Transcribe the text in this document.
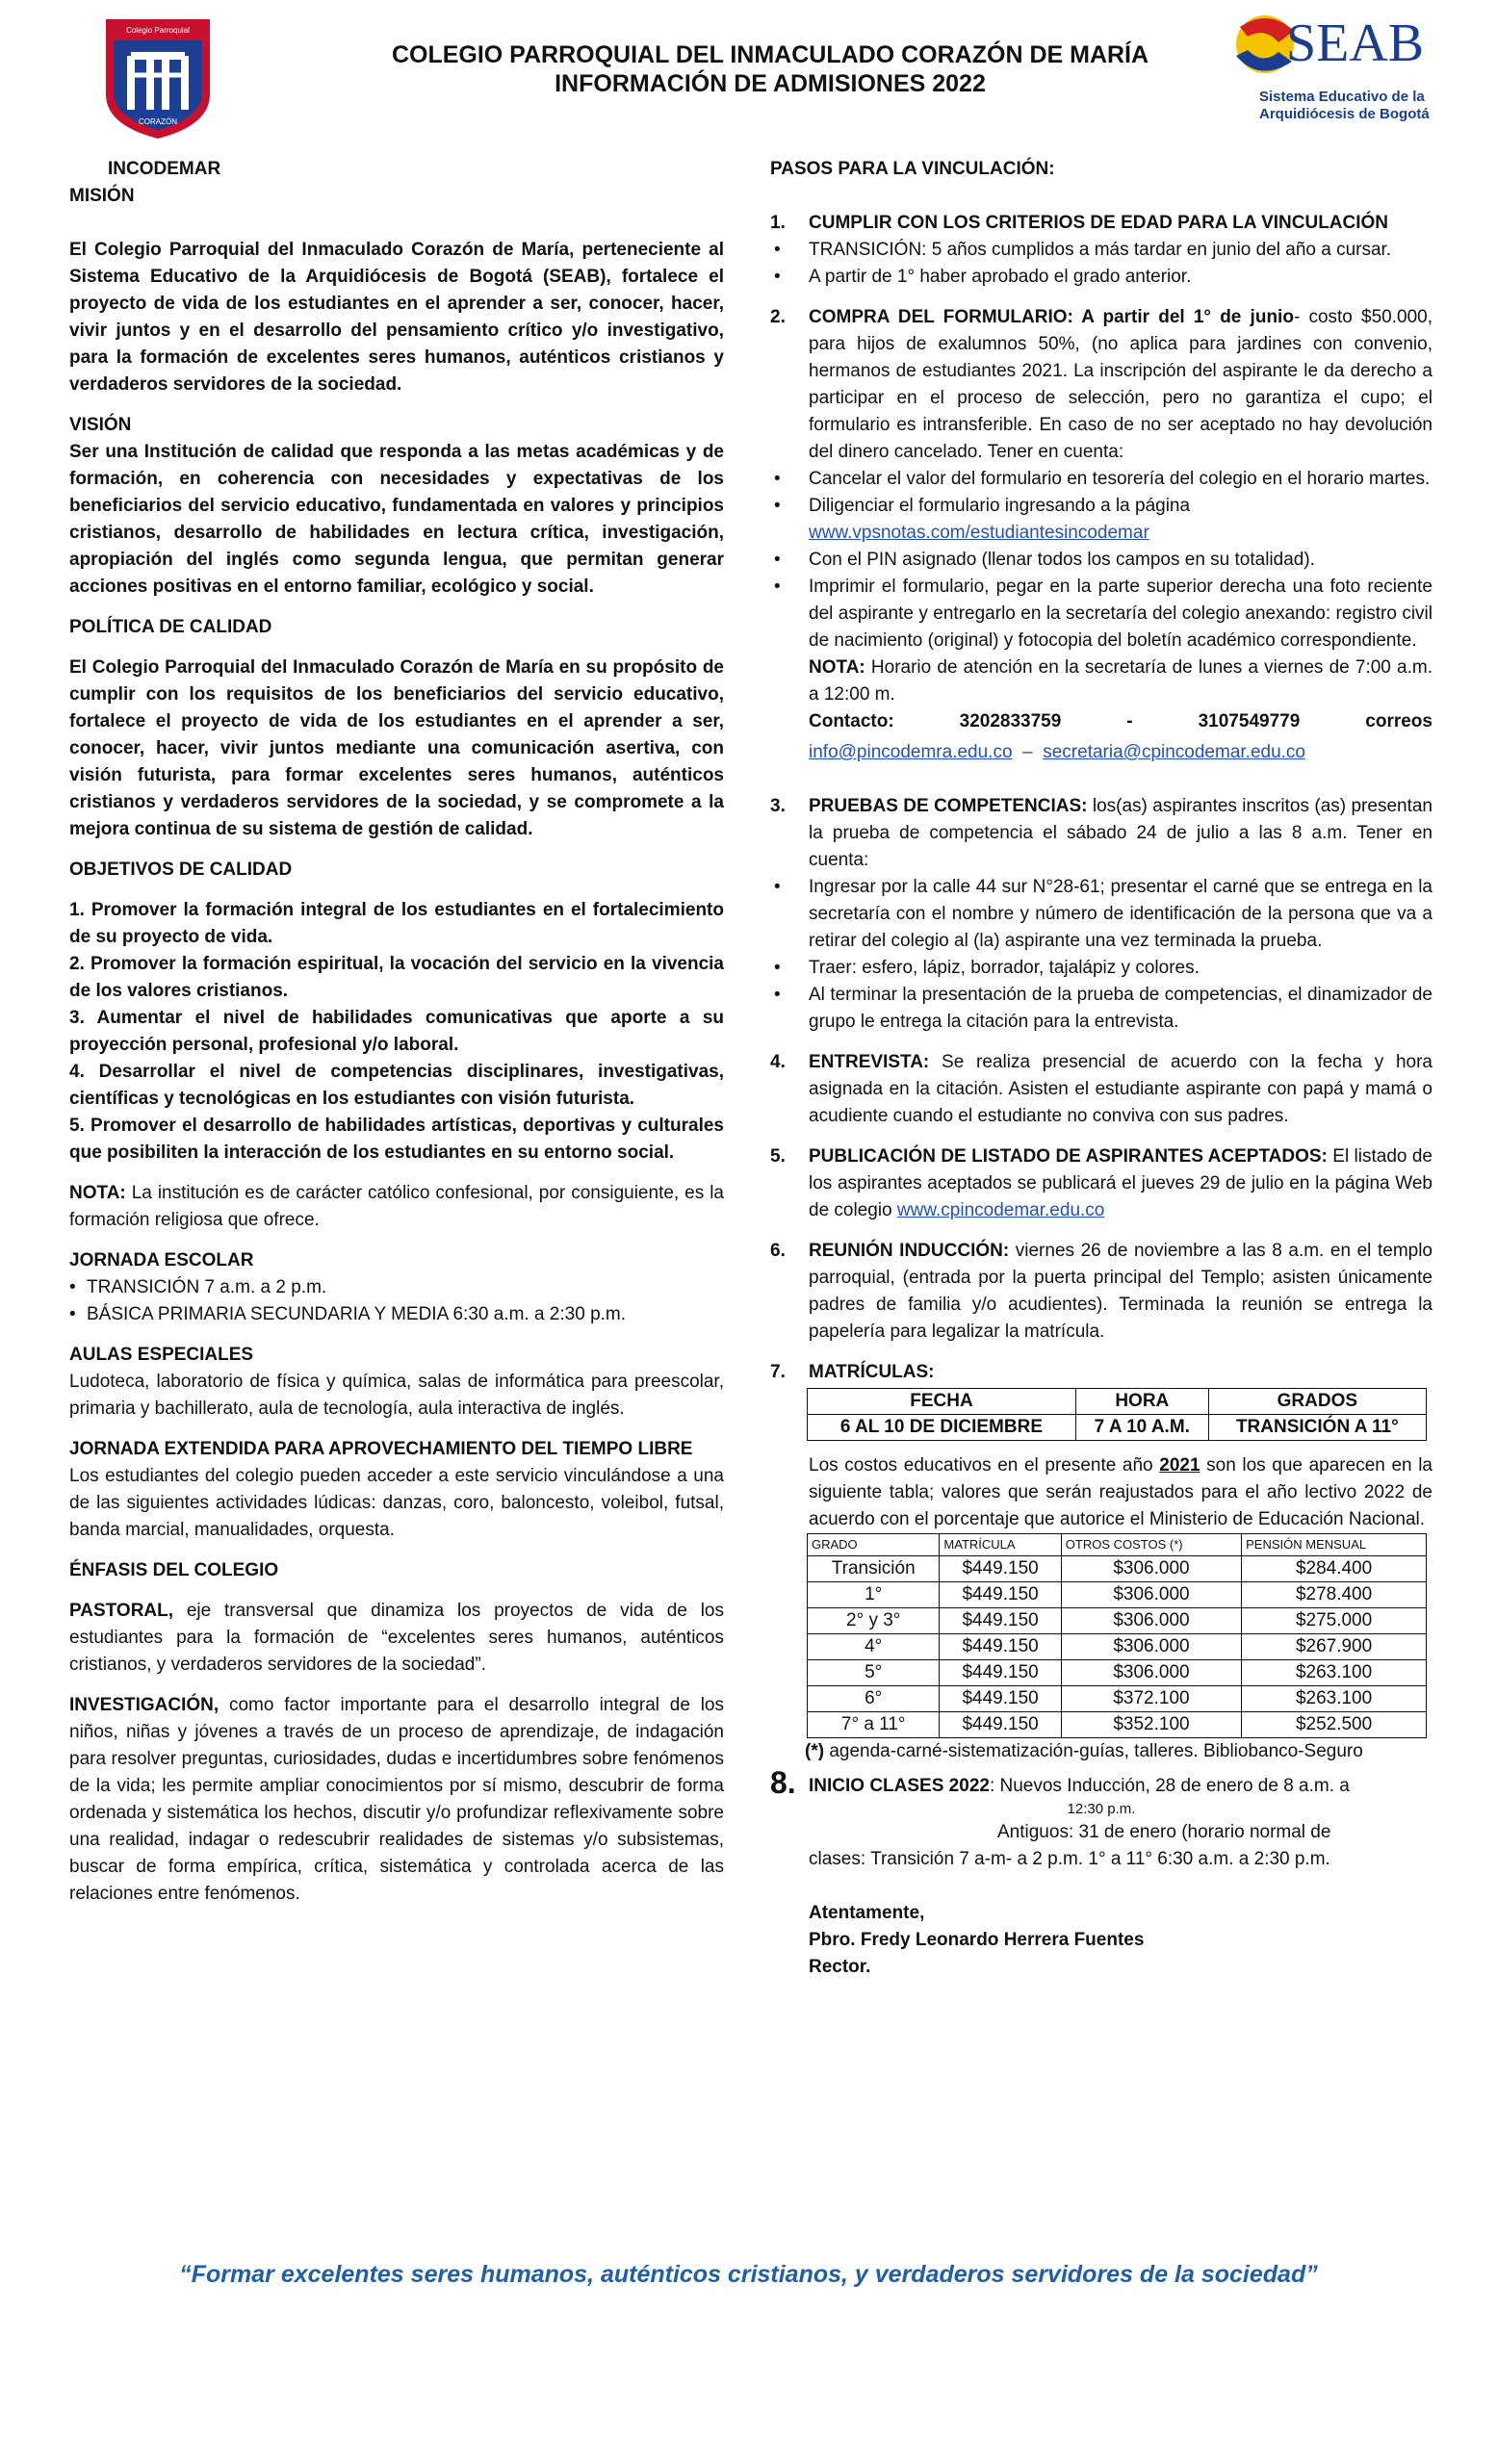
Colegio Parroquial
CORAZÓN
COLEGIO PARROQUIAL DEL INMACULADO CORAZÓN DE MARÍA
INFORMACIÓN DE ADMISIONES 2022
SEAB
Sistema Educativo de la
Arquidiócesis de Bogotá

INCODEMAR

MISIÓN

El Colegio Parroquial del Inmaculado Corazón de María, perteneciente al Sistema Educativo de la Arquidiócesis de Bogotá (SEAB), fortalece el proyecto de vida de los estudiantes en el aprender a ser, conocer, hacer, vivir juntos y en el desarrollo del pensamiento crítico y/o investigativo, para la formación de excelentes seres humanos, auténticos cristianos y verdaderos servidores de la sociedad.

VISIÓN

Ser una Institución de calidad que responda a las metas académicas y de formación, en coherencia con necesidades y expectativas de los beneficiarios del servicio educativo, fundamentada en valores y principios cristianos, desarrollo de habilidades en lectura crítica, investigación, apropiación del inglés como segunda lengua, que permitan generar acciones positivas en el entorno familiar, ecológico y social.

POLÍTICA DE CALIDAD

El Colegio Parroquial del Inmaculado Corazón de María en su propósito de cumplir con los requisitos de los beneficiarios del servicio educativo, fortalece el proyecto de vida de los estudiantes en el aprender a ser, conocer, hacer, vivir juntos mediante una comunicación asertiva, con visión futurista, para formar excelentes seres humanos, auténticos cristianos y verdaderos servidores de la sociedad, y se compromete a la mejora continua de su sistema de gestión de calidad.

OBJETIVOS DE CALIDAD

1. Promover la formación integral de los estudiantes en el fortalecimiento de su proyecto de vida.

2. Promover la formación espiritual, la vocación del servicio en la vivencia de los valores cristianos.

3. Aumentar el nivel de habilidades comunicativas que aporte a su proyección personal, profesional y/o laboral.

4. Desarrollar el nivel de competencias disciplinares, investigativas, científicas y tecnológicas en los estudiantes con visión futurista.

5. Promover el desarrollo de habilidades artísticas, deportivas y culturales que posibiliten la interacción de los estudiantes en su entorno social.

NOTA: La institución es de carácter católico confesional, por consiguiente, es la formación religiosa que ofrece.

JORNADA ESCOLAR

• TRANSICIÓN 7 a.m. a 2 p.m.

• BÁSICA PRIMARIA SECUNDARIA Y MEDIA 6:30 a.m. a 2:30 p.m.

AULAS ESPECIALES

Ludoteca, laboratorio de física y química, salas de informática para preescolar, primaria y bachillerato, aula de tecnología, aula interactiva de inglés.

JORNADA EXTENDIDA PARA APROVECHAMIENTO DEL TIEMPO LIBRE

Los estudiantes del colegio pueden acceder a este servicio vinculándose a una de las siguientes actividades lúdicas: danzas, coro, baloncesto, voleibol, futsal, banda marcial, manualidades, orquesta.

ÉNFASIS DEL COLEGIO

PASTORAL, eje transversal que dinamiza los proyectos de vida de los estudiantes para la formación de “excelentes seres humanos, auténticos cristianos, y verdaderos servidores de la sociedad”.

INVESTIGACIÓN, como factor importante para el desarrollo integral de los niños, niñas y jóvenes a través de un proceso de aprendizaje, de indagación para resolver preguntas, curiosidades, dudas e incertidumbres sobre fenómenos de la vida; les permite ampliar conocimientos por sí mismo, descubrir de forma ordenada y sistemática los hechos, discutir y/o profundizar reflexivamente sobre una realidad, indagar o redescubrir realidades de sistemas y/o subsistemas, buscar de forma empírica, crítica, sistemática y controlada acerca de las relaciones entre fenómenos.

PASOS PARA LA VINCULACIÓN:

1. CUMPLIR CON LOS CRITERIOS DE EDAD PARA LA VINCULACIÓN

• TRANSICIÓN: 5 años cumplidos a más tardar en junio del año a cursar.

• A partir de 1° haber aprobado el grado anterior.

2. COMPRA DEL FORMULARIO: A partir del 1° de junio- costo $50.000, para hijos de exalumnos 50%, (no aplica para jardines con convenio, hermanos de estudiantes 2021. La inscripción del aspirante le da derecho a participar en el proceso de selección, pero no garantiza el cupo; el formulario es intransferible. En caso de no ser aceptado no hay devolución del dinero cancelado. Tener en cuenta:

• Cancelar el valor del formulario en tesorería del colegio en el horario martes.

• Diligenciar el formulario ingresando a la página
www.vpsnotas.com/estudiantesincodemar

• Con el PIN asignado (llenar todos los campos en su totalidad).

• Imprimir el formulario, pegar en la parte superior derecha una foto reciente del aspirante y entregarlo en la secretaría del colegio anexando: registro civil de nacimiento (original) y fotocopia del boletín académico correspondiente.

NOTA: Horario de atención en la secretaría de lunes a viernes de 7:00 a.m. a 12:00 m.

Contacto:	3202833759	-	3107549779	correos

info@pincodemra.edu.co – secretaria@cpincodemar.edu.co

3. PRUEBAS DE COMPETENCIAS: los(as) aspirantes inscritos (as) presentan la prueba de competencia el sábado 24 de julio a las 8 a.m. Tener en cuenta:

• Ingresar por la calle 44 sur N°28-61; presentar el carné que se entrega en la secretaría con el nombre y número de identificación de la persona que va a retirar del colegio al (la) aspirante una vez terminada la prueba.

• Traer: esfero, lápiz, borrador, tajalápiz y colores.

• Al terminar la presentación de la prueba de competencias, el dinamizador de grupo le entrega la citación para la entrevista.

4. ENTREVISTA: Se realiza presencial de acuerdo con la fecha y hora asignada en la citación. Asisten el estudiante aspirante con papá y mamá o acudiente cuando el estudiante no conviva con sus padres.

5. PUBLICACIÓN DE LISTADO DE ASPIRANTES ACEPTADOS: El listado de los aspirantes aceptados se publicará el jueves 29 de julio en la página Web de colegio www.cpincodemar.edu.co

6. REUNIÓN INDUCCIÓN: viernes 26 de noviembre a las 8 a.m. en el templo parroquial, (entrada por la puerta principal del Templo; asisten únicamente padres de familia y/o acudientes). Terminada la reunión se entrega la papelería para legalizar la matrícula.

7. MATRÍCULAS:

FECHA	HORA	GRADOS
6 AL 10 DE DICIEMBRE	7 A 10 A.M.	TRANSICIÓN A 11°

Los costos educativos en el presente año 2021 son los que aparecen en la siguiente tabla; valores que serán reajustados para el año lectivo 2022 de acuerdo con el porcentaje que autorice el Ministerio de Educación Nacional.

GRADO	MATRÍCULA	OTROS COSTOS (*)	PENSIÓN MENSUAL
Transición	$449.150	$306.000	$284.400
1°	$449.150	$306.000	$278.400
2° y 3°	$449.150	$306.000	$275.000
4°	$449.150	$306.000	$267.900
5°	$449.150	$306.000	$263.100
6°	$449.150	$372.100	$263.100
7° a 11°	$449.150	$352.100	$252.500

(*) agenda-carné-sistematización-guías, talleres. Bibliobanco-Seguro

8. INICIO CLASES 2022: Nuevos Inducción, 28 de enero de 8 a.m. a

12:30 p.m.

Antiguos: 31 de enero (horario normal de

clases: Transición 7 a-m- a 2 p.m. 1° a 11° 6:30 a.m. a 2:30 p.m.

Atentamente,

Pbro. Fredy Leonardo Herrera Fuentes

Rector.

“Formar excelentes seres humanos, auténticos cristianos, y verdaderos servidores de la sociedad”
